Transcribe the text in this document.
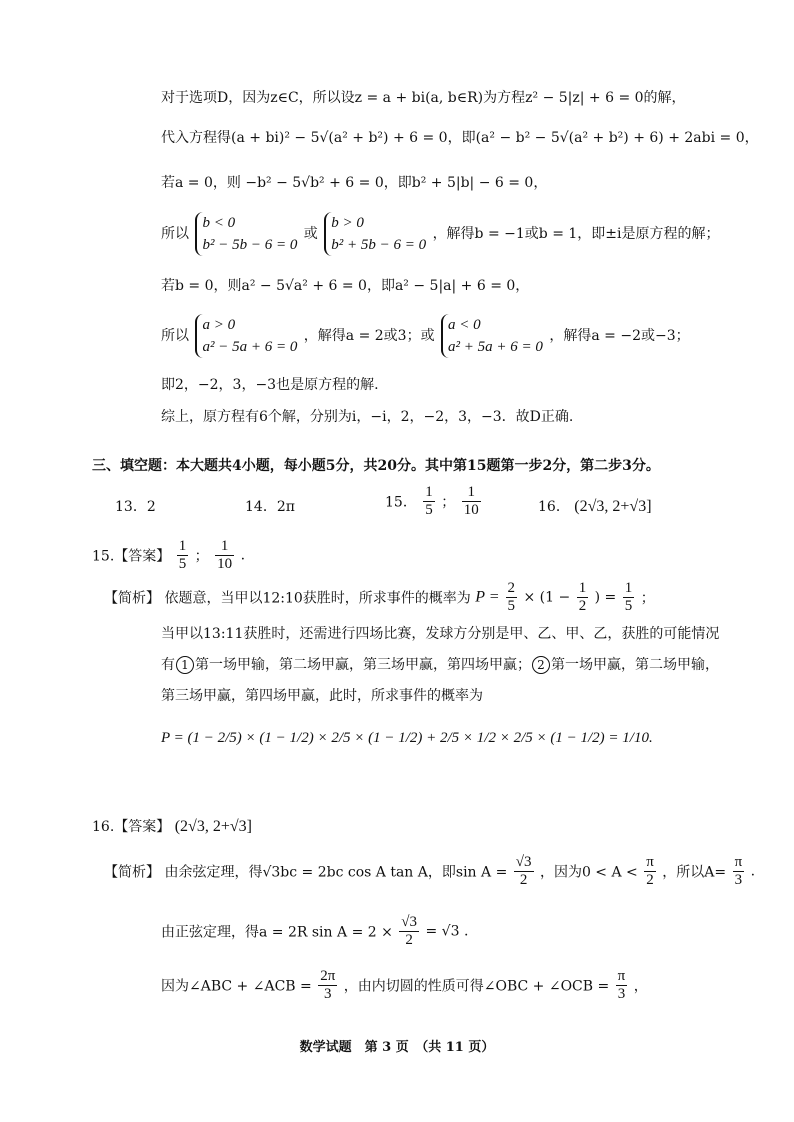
对于选项D，因为z∈C，所以设z = a + bi(a, b∈R)为方程z² − 5|z| + 6 = 0的解，
代入方程得(a + bi)² − 5√(a² + b²) + 6 = 0，即(a² − b² − 5√(a² + b²) + 6) + 2abi = 0，
若a = 0，则 −b² − 5√b² + 6 = 0，即b² + 5|b| − 6 = 0，
所以 b < 0
b² − 5b − 6 = 0 或 b > 0
b² + 5b − 6 = 0 ，解得b = −1或b = 1，即±i是原方程的解；
若b = 0，则a² − 5√a² + 6 = 0，即a² − 5|a| + 6 = 0，
所以 a > 0
a² − 5a + 6 = 0 ，解得a = 2或3；或 a < 0
a² + 5a + 6 = 0 ，解得a = −2或−3；
即2，−2，3，−3也是原方程的解.
综上，原方程有6个解，分别为i，−i，2，−2，3，−3．故D正确.
三、填空题：本大题共4小题，每小题5分，共20分。其中第15题第一步2分，第二步3分。
13．2	14．2π	15． $\frac{1}{5}$ ； $\frac{1}{10}$	16． (2√3, 2+√3]
15.【答案】 $\frac{1}{5}$ ； $\frac{1}{10}$ .
【简析】 依题意，当甲以12:10获胜时，所求事件的概率为 $P = \frac{2}{5} \times (1 - \frac{1}{2}$ ) = $\frac{1}{5}$ ；
当甲以13:11获胜时，还需进行四场比赛，发球方分别是甲、乙、甲、乙，获胜的可能情况
有 1 第一场甲输，第二场甲赢，第三场甲赢，第四场甲赢； 2 第一场甲赢，第二场甲输，
第三场甲赢，第四场甲赢，此时，所求事件的概率为
P = (1 − 2/5) × (1 − 1/2) × 2/5 × (1 − 1/2) + 2/5 × 1/2 × 2/5 × (1 − 1/2) = 1/10.
16.【答案】 (2√3, 2+√3]
【简析】 由余弦定理，得√3bc = 2bc cos A tan A，即$\sin A = \frac{√3}{2}$ ，因为$0 < A < \frac{\pi}{2}$ ，所以$A= \frac{\pi}{3}$ .
由正弦定理，得a = 2R $\sin A = 2 \times \frac{√3}{2} = √3$ .
因为∠ABC + ∠ACB = $\frac{2\pi}{3}$ ，由内切圆的性质可得∠OBC + ∠OCB = $\frac{\pi}{3}$ ，
数学试题　第 3 页　（共 11 页）
